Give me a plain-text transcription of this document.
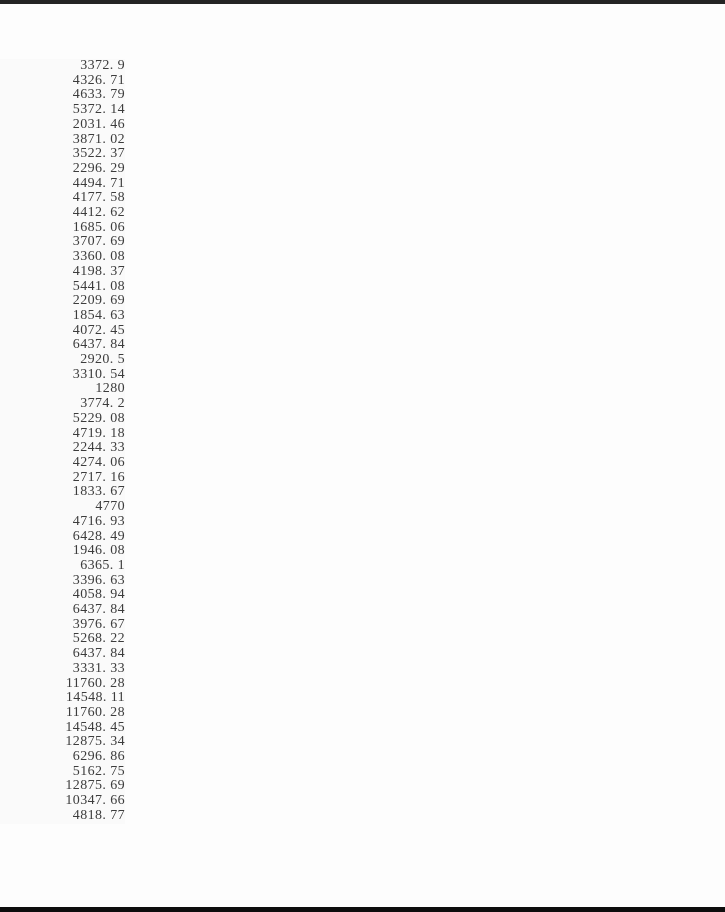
3372. 9
4326. 71
4633. 79
5372. 14
2031. 46
3871. 02
3522. 37
2296. 29
4494. 71
4177. 58
4412. 62
1685. 06
3707. 69
3360. 08
4198. 37
5441. 08
2209. 69
1854. 63
4072. 45
6437. 84
2920. 5
3310. 54
1280
3774. 2
5229. 08
4719. 18
2244. 33
4274. 06
2717. 16
1833. 67
4770
4716. 93
6428. 49
1946. 08
6365. 1
3396. 63
4058. 94
6437. 84
3976. 67
5268. 22
6437. 84
3331. 33
11760. 28
14548. 11
11760. 28
14548. 45
12875. 34
6296. 86
5162. 75
12875. 69
10347. 66
4818. 77
